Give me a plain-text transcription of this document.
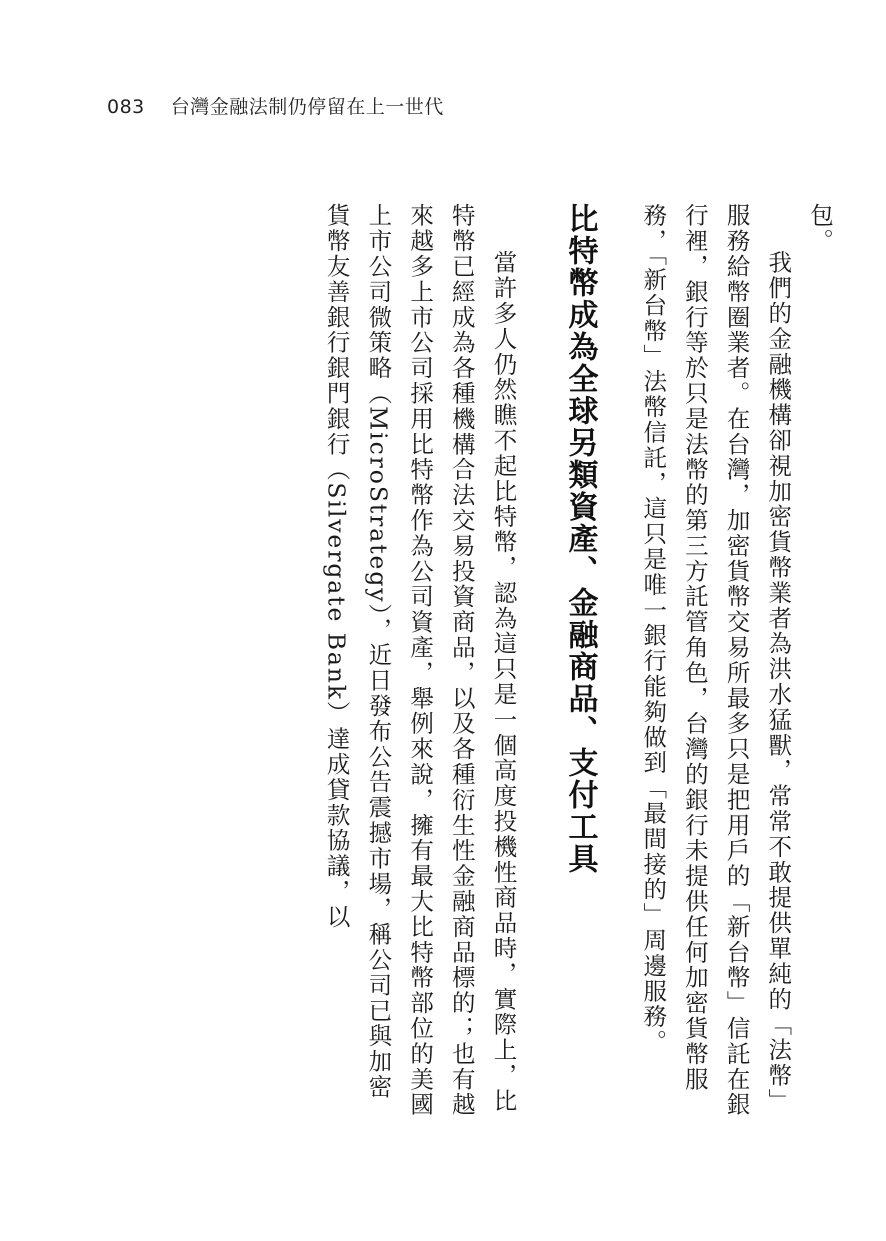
083 台灣金融法制仍停留在上一世代

包。

我們的金融機構卻視加密貨幣業者為洪水猛獸，常常不敢提供單純的「法幣」服務給幣圈業者。在台灣，加密貨幣交易所最多只是把用戶的「新台幣」信託在銀行裡，銀行等於只是法幣的第三方託管角色，台灣的銀行未提供任何加密貨幣服務，「新台幣」法幣信託，這只是唯一銀行能夠做到「最間接的」周邊服務。

比特幣成為全球另類資產、金融商品、支付工具

當許多人仍然瞧不起比特幣，認為這只是一個高度投機性商品時，實際上，比特幣已經成為各種機構合法交易投資商品，以及各種衍生性金融商品標的；也有越來越多上市公司採用比特幣作為公司資產，舉例來說，擁有最大比特幣部位的美國上市公司微策略（MicroStrategy），近日發布公告震撼市場，稱公司已與加密貨幣友善銀行銀門銀行（Silvergate Bank）達成貸款協議，以
